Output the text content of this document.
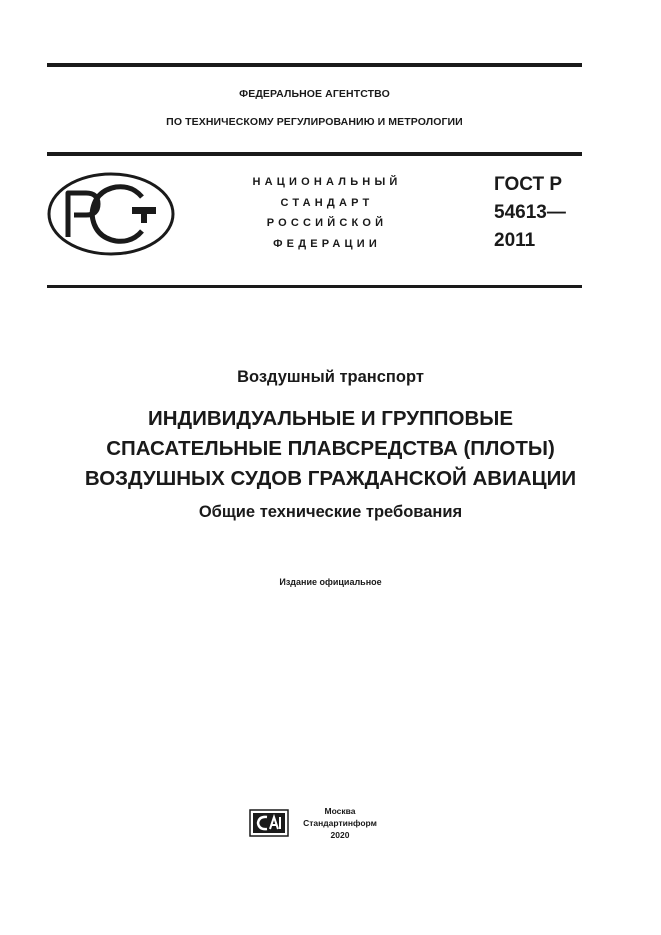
ФЕДЕРАЛЬНОЕ АГЕНТСТВО
ПО ТЕХНИЧЕСКОМУ РЕГУЛИРОВАНИЮ И МЕТРОЛОГИИ
НАЦИОНАЛЬНЫЙ
СТАНДАРТ
РОССИЙСКОЙ
ФЕДЕРАЦИИ
ГОСТ Р
54613—
2011
Воздушный транспорт
ИНДИВИДУАЛЬНЫЕ И ГРУППОВЫЕ
СПАСАТЕЛЬНЫЕ ПЛАВСРЕДСТВА (ПЛОТЫ)
ВОЗДУШНЫХ СУДОВ ГРАЖДАНСКОЙ АВИАЦИИ
Общие технические требования
Издание официальное
Москва
Стандартинформ
2020
